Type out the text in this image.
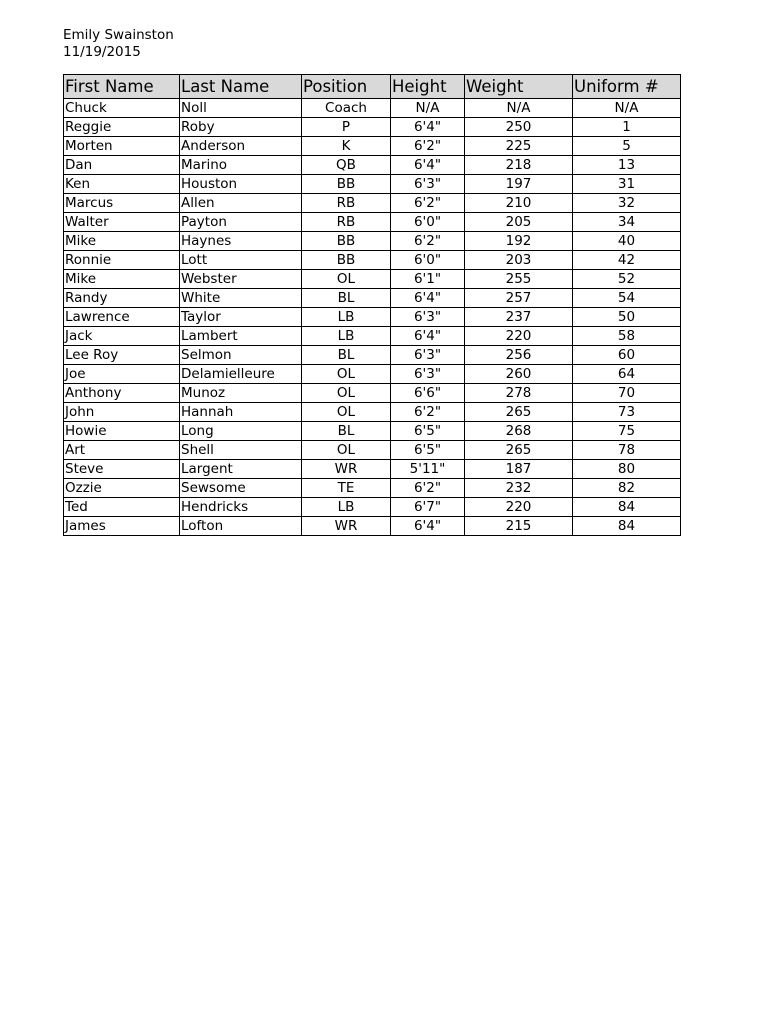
Emily Swainston
11/19/2015
First Name	Last Name	Position	Height	Weight	Uniform #
Chuck	Noll	Coach	N/A	N/A	N/A
Reggie	Roby	P	6'4"	250	1
Morten	Anderson	K	6'2"	225	5
Dan	Marino	QB	6'4"	218	13
Ken	Houston	BB	6'3"	197	31
Marcus	Allen	RB	6'2"	210	32
Walter	Payton	RB	6'0"	205	34
Mike	Haynes	BB	6'2"	192	40
Ronnie	Lott	BB	6'0"	203	42
Mike	Webster	OL	6'1"	255	52
Randy	White	BL	6'4"	257	54
Lawrence	Taylor	LB	6'3"	237	50
Jack	Lambert	LB	6'4"	220	58
Lee Roy	Selmon	BL	6'3"	256	60
Joe	Delamielleure	OL	6'3"	260	64
Anthony	Munoz	OL	6'6"	278	70
John	Hannah	OL	6'2"	265	73
Howie	Long	BL	6'5"	268	75
Art	Shell	OL	6'5"	265	78
Steve	Largent	WR	5'11"	187	80
Ozzie	Sewsome	TE	6'2"	232	82
Ted	Hendricks	LB	6'7"	220	84
James	Lofton	WR	6'4"	215	84
